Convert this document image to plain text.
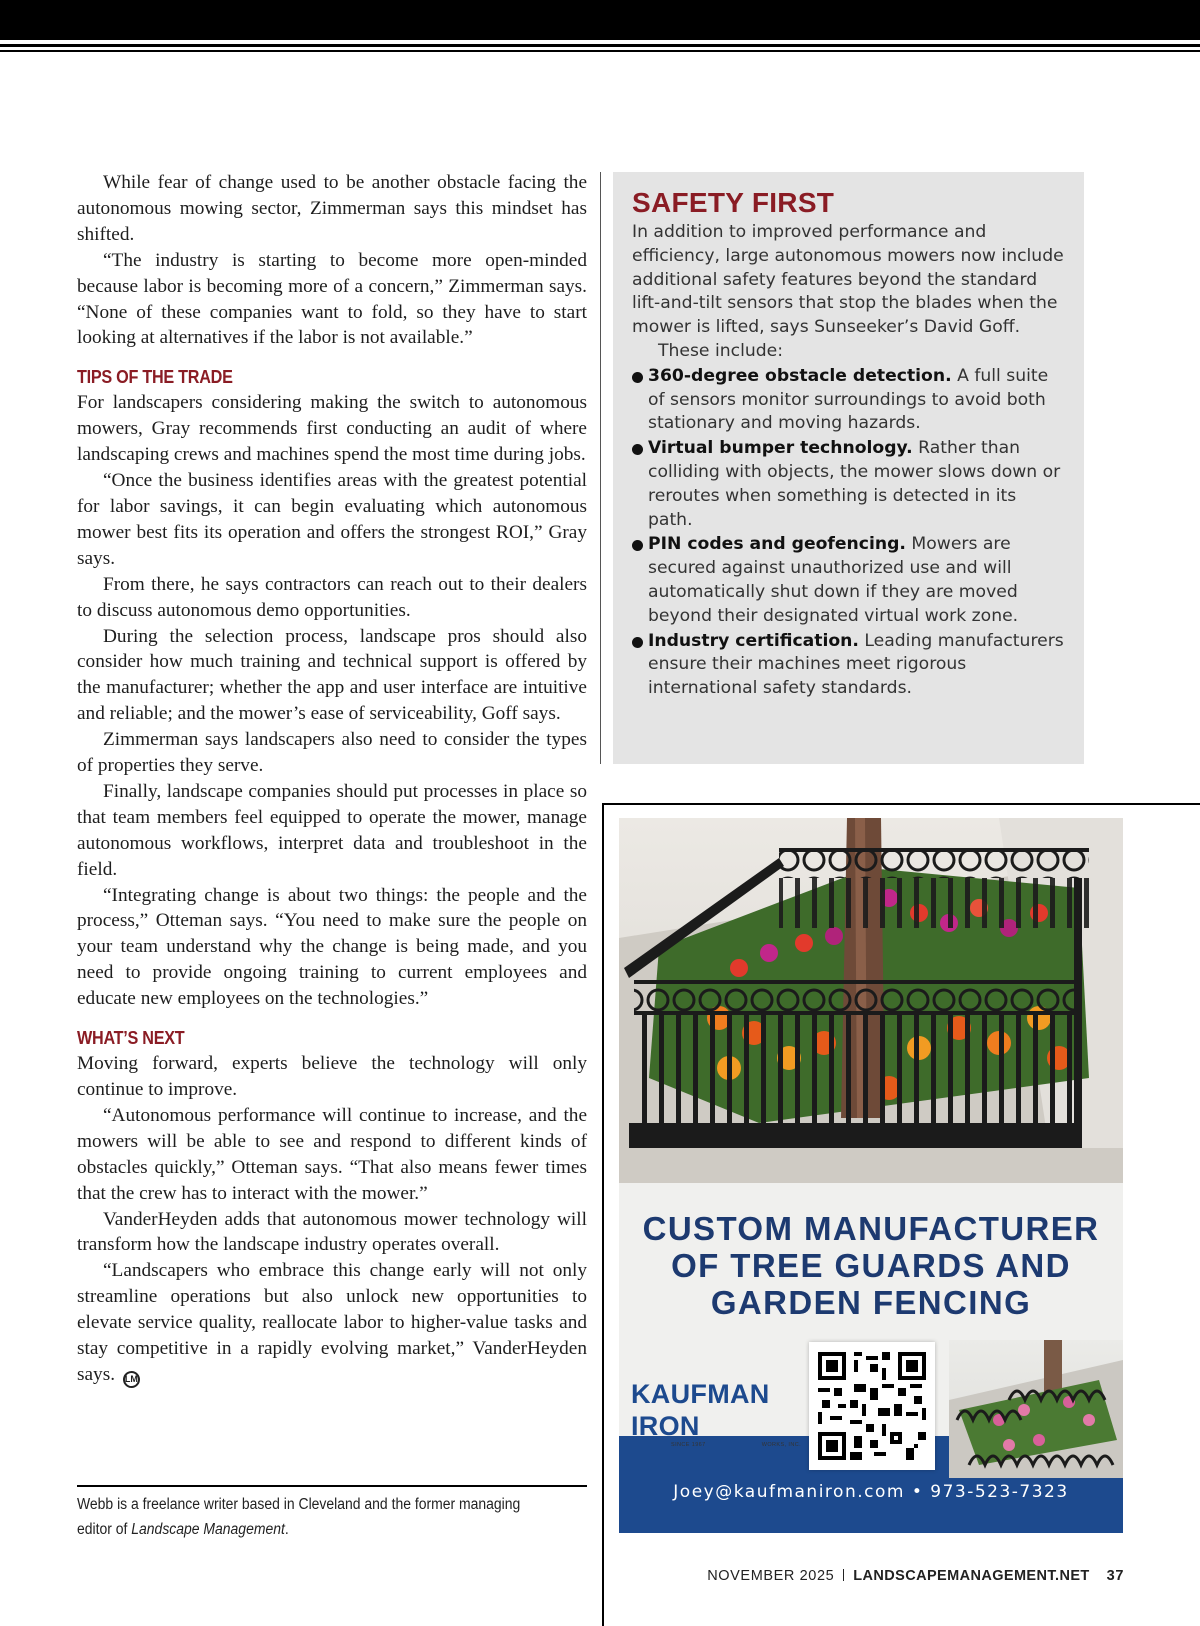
While fear of change used to be another obstacle facing the autonomous mowing sector, Zimmerman says this mindset has shifted.

“The industry is starting to become more open-minded because labor is becoming more of a concern,” Zimmerman says. “None of these companies want to fold, so they have to start looking at alternatives if the labor is not available.”

TIPS OF THE TRADE

For landscapers considering making the switch to autonomous mowers, Gray recommends first conducting an audit of where landscaping crews and machines spend the most time during jobs.

“Once the business identifies areas with the greatest potential for labor savings, it can begin evaluating which autonomous mower best fits its operation and offers the strongest ROI,” Gray says.

From there, he says contractors can reach out to their dealers to discuss autonomous demo opportunities.

During the selection process, landscape pros should also consider how much training and technical support is offered by the manufacturer; whether the app and user interface are intuitive and reliable; and the mower’s ease of serviceability, Goff says.

Zimmerman says landscapers also need to consider the types of properties they serve.

Finally, landscape companies should put processes in place so that team members feel equipped to operate the mower, manage autonomous workflows, interpret data and troubleshoot in the field.

“Integrating change is about two things: the people and the process,” Otteman says. “You need to make sure the people on your team understand why the change is being made, and you need to provide ongoing training to current employees and educate new employees on the technologies.”

WHAT’S NEXT

Moving forward, experts believe the technology will only continue to improve.

“Autonomous performance will continue to increase, and the mowers will be able to see and respond to different kinds of obstacles quickly,” Otteman says. “That also means fewer times that the crew has to interact with the mower.”

VanderHeyden adds that autonomous mower technology will transform how the landscape industry operates overall.

“Landscapers who embrace this change early will not only streamline operations but also unlock new opportunities to elevate service quality, reallocate labor to higher-value tasks and stay competitive in a rapidly evolving market,” VanderHeyden says. LM

Webb is a freelance writer based in Cleveland and the former managing editor of Landscape Management.
SAFETY FIRST

In addition to improved performance and efficiency, large autonomous mowers now include additional safety features beyond the standard lift-and-tilt sensors that stop the blades when the mower is lifted, says Sunseeker’s David Goff.

These include:

360-degree obstacle detection. A full suite of sensors monitor surroundings to avoid both stationary and moving hazards.
Virtual bumper technology. Rather than colliding with objects, the mower slows down or reroutes when something is detected in its path.
PIN codes and geofencing. Mowers are secured against unauthorized use and will automatically shut down if they are moved beyond their designated virtual work zone.
Industry certification. Leading manufacturers ensure their machines meet rigorous international safety standards.
CUSTOM MANUFACTURER
OF TREE GUARDS AND
GARDEN FENCING
KAUFMAN IRON
SINCE 1967	WORKS, INC.
Joey@kaufmaniron.com • 973-523-7323
NOVEMBER 2025 LANDSCAPEMANAGEMENT.NET 37
